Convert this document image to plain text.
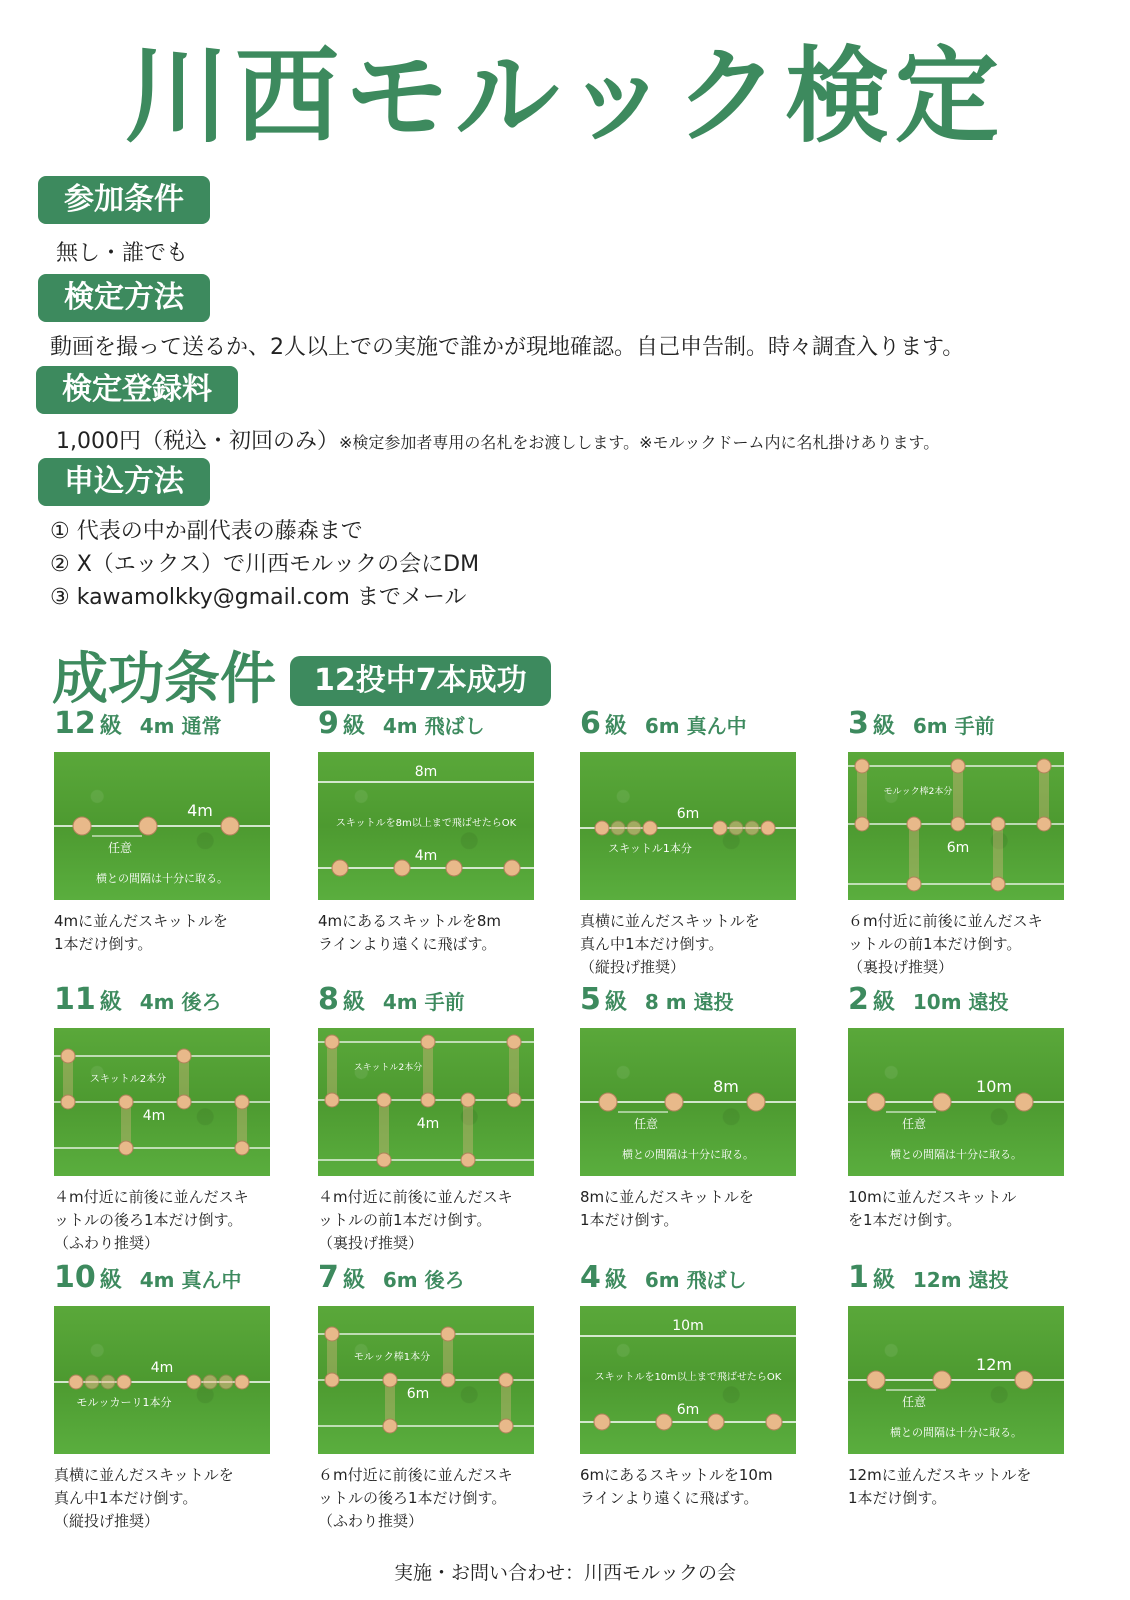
川西モルック検定
参加条件
無し・誰でも
検定方法
動画を撮って送るか、2人以上での実施で誰かが現地確認。自己申告制。時々調査入ります。
検定登録料
1,000円（税込・初回のみ）※検定参加者専用の名札をお渡しします。※モルックドーム内に名札掛けあります。
申込方法
① 代表の中か副代表の藤森まで
② X（エックス）で川西モルックの会にDM
③ kawamolkky@gmail.com までメール
成功条件	12投中7本成功
12 級 4m 通常
4m
任意
横との間隔は十分に取る。
4mに並んだスキットルを
1本だけ倒す。
9 級 4m 飛ばし
8m
スキットルを8m以上まで飛ばせたらOK
4m
4mにあるスキットルを8m
ラインより遠くに飛ばす。
6 級 6m 真ん中
6m
スキットル1本分
真横に並んだスキットルを
真ん中1本だけ倒す。
（縦投げ推奨）
3 級 6m 手前
モルック棒2本分
6m
６m付近に前後に並んだスキ
ットルの前1本だけ倒す。
（裏投げ推奨）
11 級 4m 後ろ
スキットル2本分
4m
４m付近に前後に並んだスキ
ットルの後ろ1本だけ倒す。
（ふわり推奨）
8 級 4m 手前
スキットル2本分
4m
４m付近に前後に並んだスキ
ットルの前1本だけ倒す。
（裏投げ推奨）
5 級 8 m 遠投
8m
任意
横との間隔は十分に取る。
8mに並んだスキットルを
1本だけ倒す。
2 級 10m 遠投
10m
任意
横との間隔は十分に取る。
10mに並んだスキットル
を1本だけ倒す。
10 級 4m 真ん中
4m
モルッカーリ1本分
真横に並んだスキットルを
真ん中1本だけ倒す。
（縦投げ推奨）
7 級 6m 後ろ
モルック棒1本分
6m
６m付近に前後に並んだスキ
ットルの後ろ1本だけ倒す。
（ふわり推奨）
4 級 6m 飛ばし
10m
スキットルを10m以上まで飛ばせたらOK
6m
6mにあるスキットルを10m
ラインより遠くに飛ばす。
1 級 12m 遠投
12m
任意
横との間隔は十分に取る。
12mに並んだスキットルを
1本だけ倒す。
実施・お問い合わせ：川西モルックの会
